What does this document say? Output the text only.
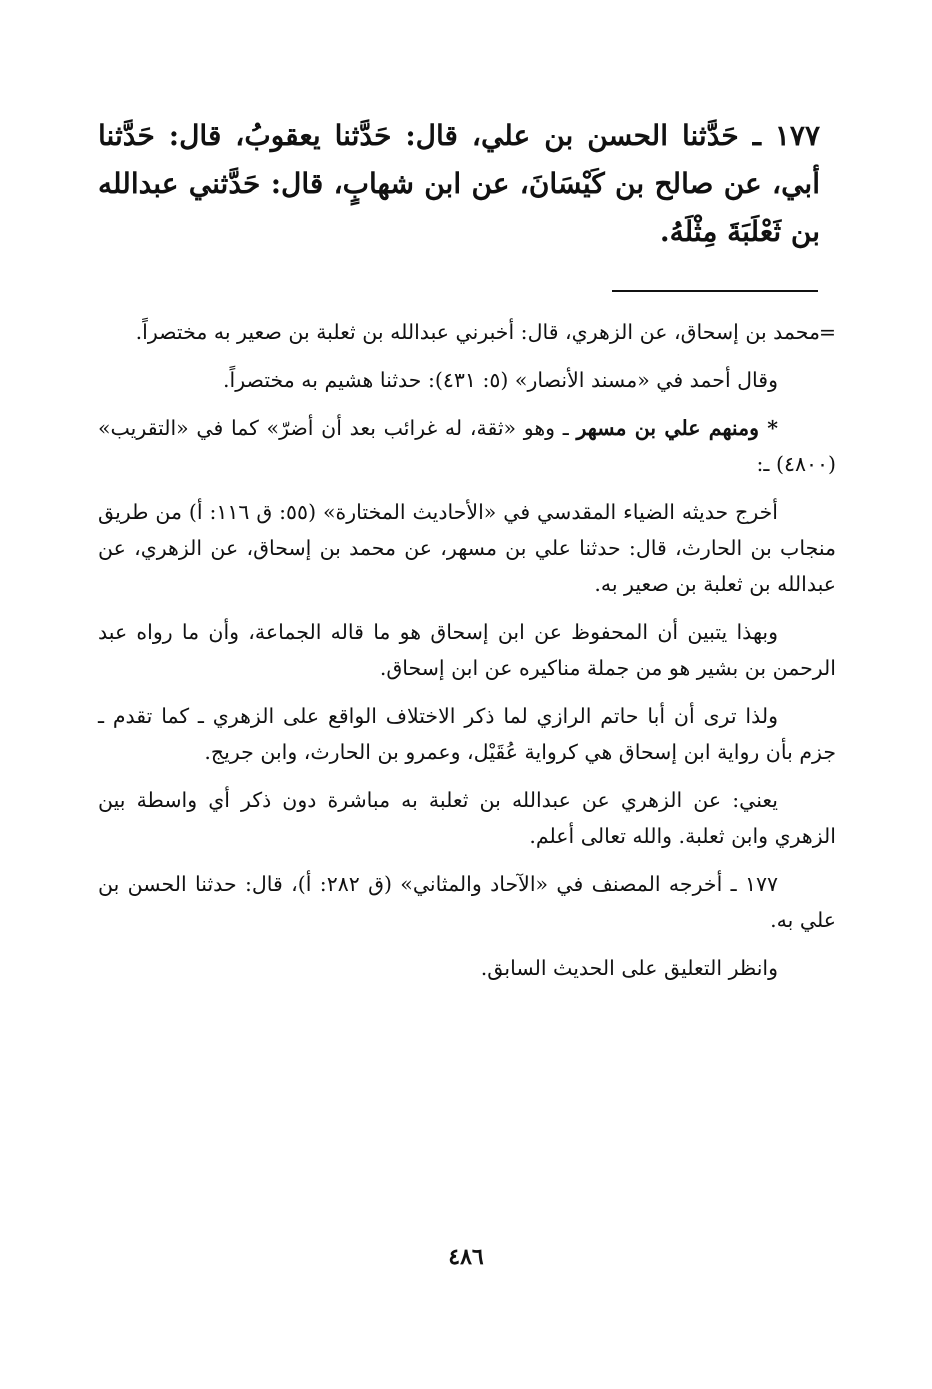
١٧٧ ـ حَدَّثنا الحسن بن علي، قال: حَدَّثنا يعقوبُ، قال: حَدَّثنا أبي، عن صالح بن كَيْسَانَ، عن ابن شهابٍ، قال: حَدَّثني عبدالله بن ثَعْلَبَةَ مِثْلَهُ.

=
محمد بن إسحاق، عن الزهري، قال: أخبرني عبدالله بن ثعلبة بن صعير به مختصراً.

وقال أحمد في «مسند الأنصار» (٥: ٤٣١): حدثنا هشيم به مختصراً.

* ومنهم علي بن مسهر ـ وهو «ثقة، له غرائب بعد أن أضرّ» كما في «التقريب» (٤٨٠٠) ـ:

أخرج حديثه الضياء المقدسي في «الأحاديث المختارة» (٥٥: ق ١١٦: أ) من طريق منجاب بن الحارث، قال: حدثنا علي بن مسهر، عن محمد بن إسحاق، عن الزهري، عن عبدالله بن ثعلبة بن صعير به.

وبهذا يتبين أن المحفوظ عن ابن إسحاق هو ما قاله الجماعة، وأن ما رواه عبد الرحمن بن بشير هو من جملة مناكيره عن ابن إسحاق.

ولذا ترى أن أبا حاتم الرازي لما ذكر الاختلاف الواقع على الزهري ـ كما تقدم ـ جزم بأن رواية ابن إسحاق هي كرواية عُقَيْل، وعمرو بن الحارث، وابن جريج.

يعني: عن الزهري عن عبدالله بن ثعلبة به مباشرة دون ذكر أي واسطة بين الزهري وابن ثعلبة. والله تعالى أعلم.

١٧٧ ـ أخرجه المصنف في «الآحاد والمثاني» (ق ٢٨٢: أ)، قال: حدثنا الحسن بن علي به.

وانظر التعليق على الحديث السابق.

٤٨٦
